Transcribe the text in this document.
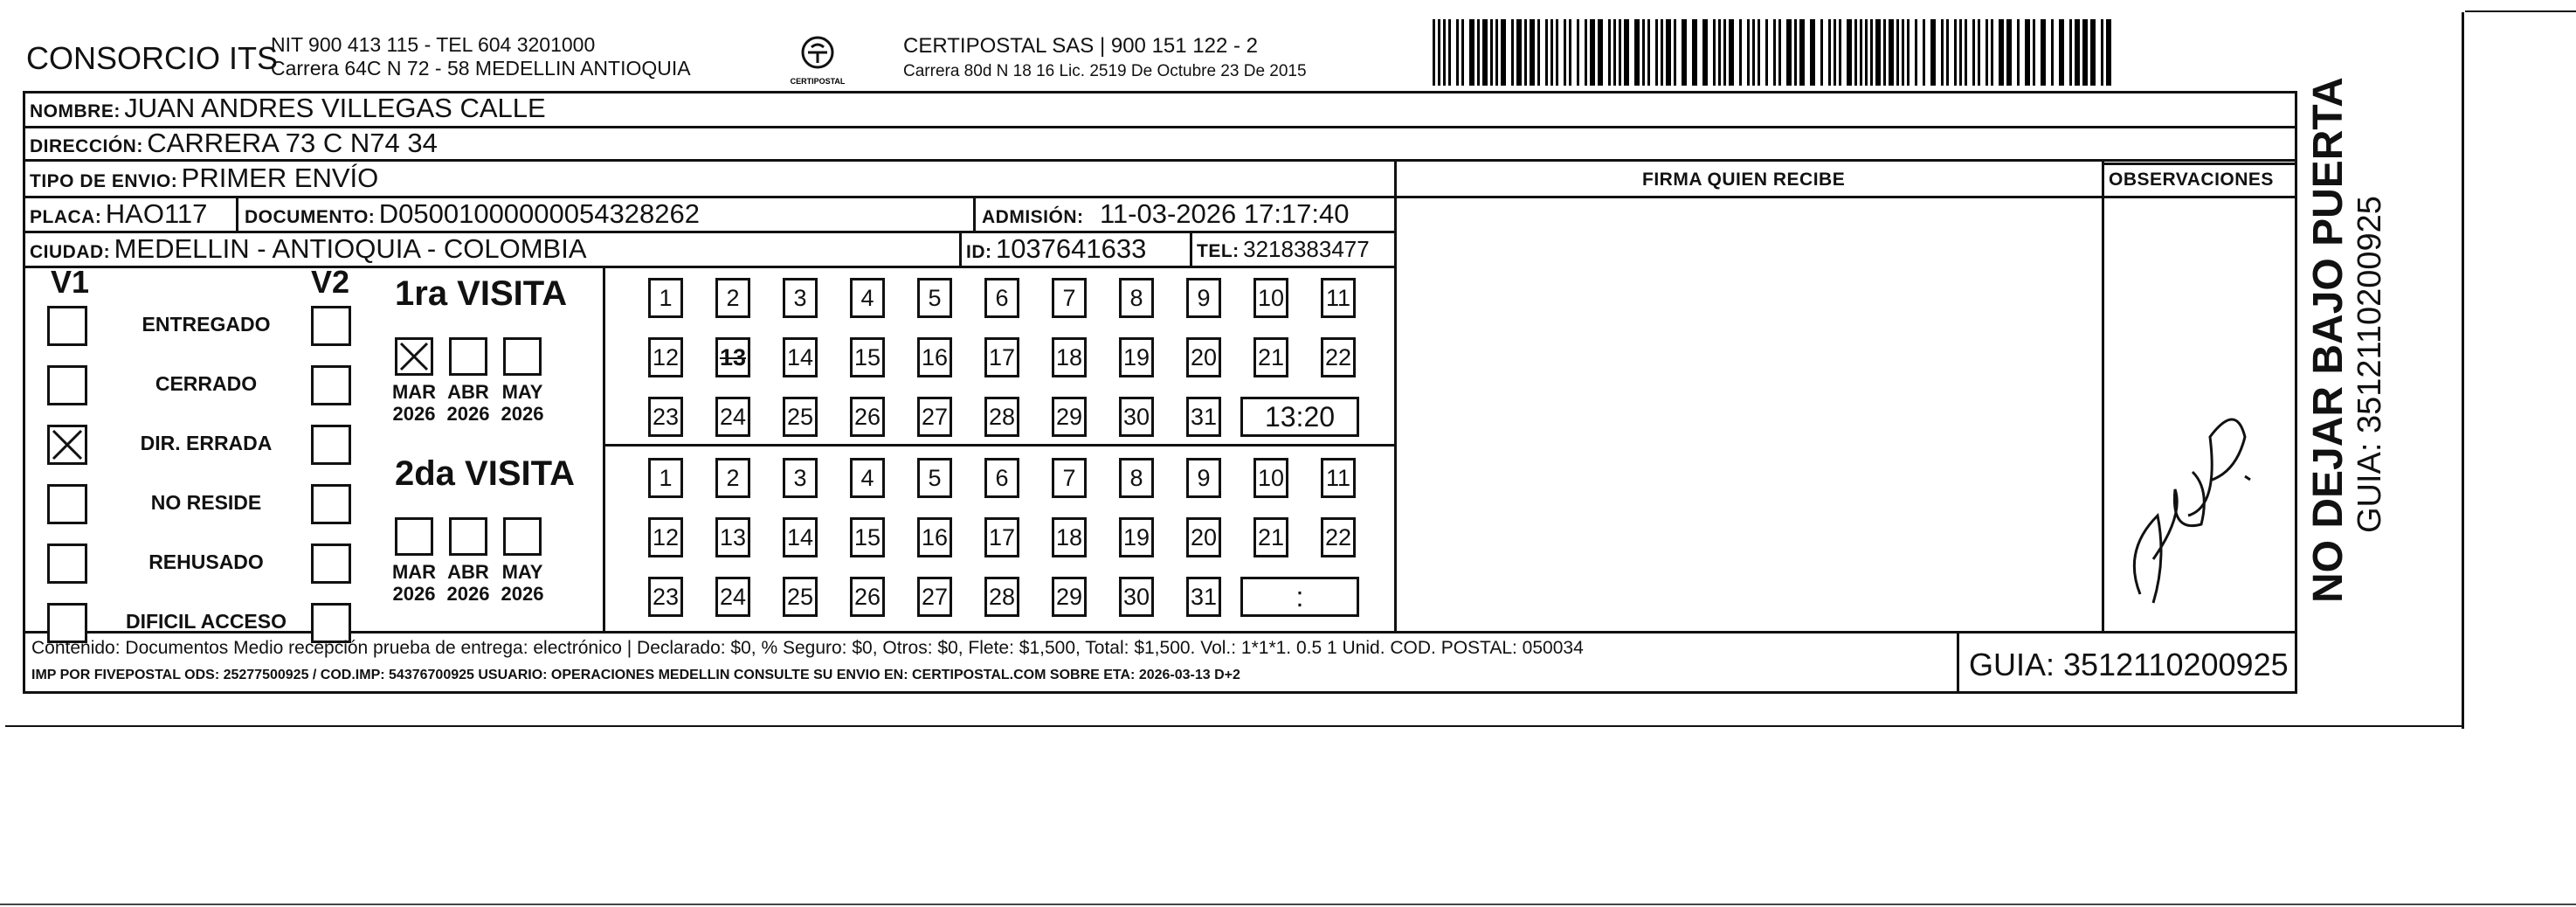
CONSORCIO ITS
NIT 900 413 115 - TEL 604 3201000
Carrera 64C N 72 - 58 MEDELLIN ANTIOQUIA
CERTIPOSTAL
CERTIPOSTAL SAS | 900 151 122 - 2
Carrera 80d N 18 16 Lic. 2519 De Octubre 23 De 2015
NOMBRE: JUAN ANDRES VILLEGAS CALLE
DIRECCIÓN: CARRERA 73 C N74 34
TIPO DE ENVIO: PRIMER ENVÍO	FIRMA QUIEN RECIBE	OBSERVACIONES
PLACA: HAO117 DOCUMENTO: D05001000000054328262	ADMISIÓN: 11-03-2026 17:17:40
CIUDAD: MEDELLIN - ANTIOQUIA - COLOMBIA	ID: 1037641633	TEL: 3218383477
V1	V2
ENTREGADO
CERRADO
DIR. ERRADA
NO RESIDE
REHUSADO
DIFICIL ACCESO
1ra VISITA
MAR
2026
ABR
2026
MAY
2026
1	2	3	4	5	6	7	8	9	10 11
12 13 14 15 16 17 18 19 20 21 22
23 24 25 26 27 28 29 30 31	13:20
2da VISITA
MAR
2026
ABR
2026
MAY
2026
1	2	3	4	5	6	7	8	9	10 11
12 13 14 15 16 17 18 19 20 21 22
23 24 25 26 27 28 29 30 31	:
Contenido: Documentos Medio recepción prueba de entrega: electrónico | Declarado: $0, % Seguro: $0, Otros: $0, Flete: $1,500, Total: $1,500. Vol.: 1*1*1. 0.5 1 Unid. COD. POSTAL: 050034
IMP POR FIVEPOSTAL ODS: 25277500925 / COD.IMP: 54376700925 USUARIO: OPERACIONES MEDELLIN CONSULTE SU ENVIO EN: CERTIPOSTAL.COM SOBRE ETA: 2026-03-13 D+2	GUIA: 3512110200925
NO DEJAR BAJO PUERTA GUIA: 3512110200925
